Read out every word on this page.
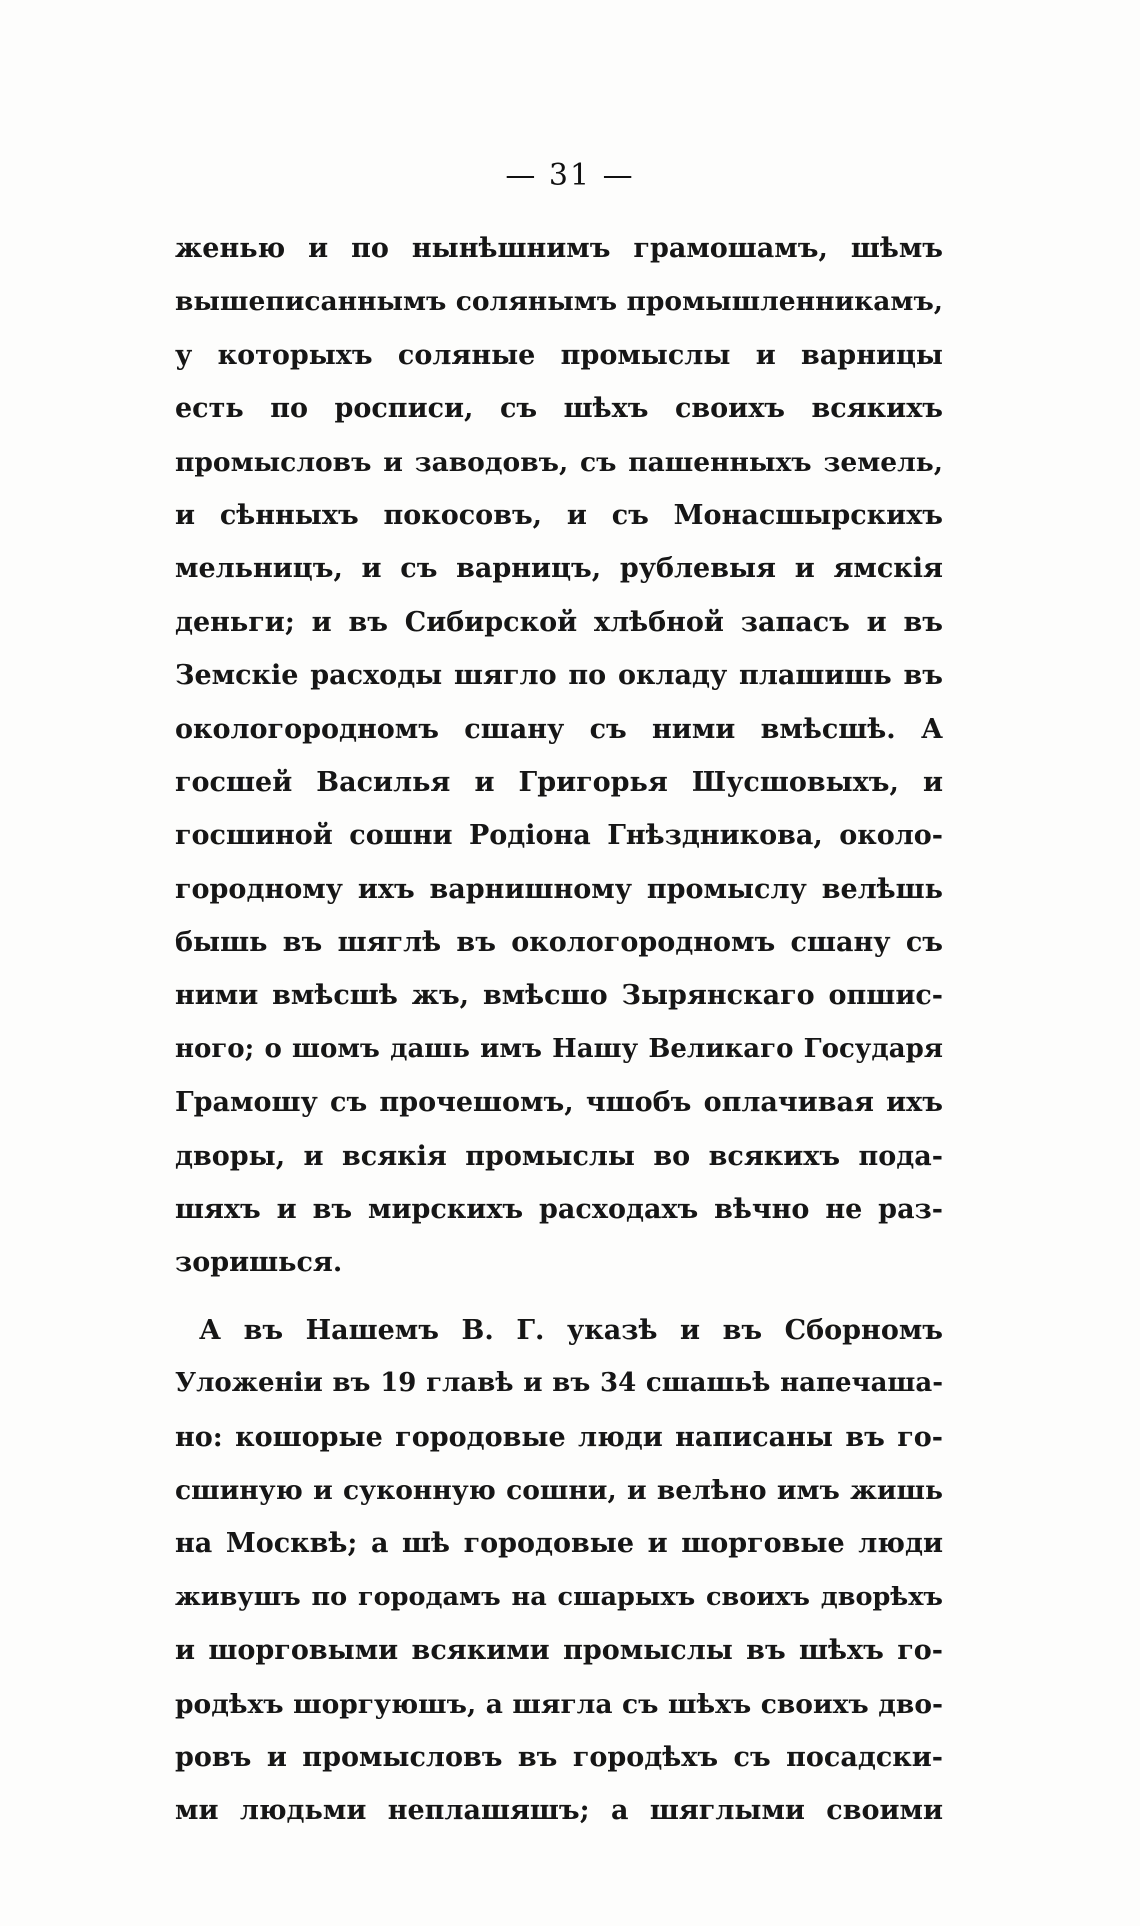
— 31 —
женью и по нынѣшнимъ грамошамъ, шѣмъ
вышеписаннымъ солянымъ промышленникамъ,
у которыхъ соляные промыслы и варницы
есть по росписи, съ шѣхъ своихъ всякихъ
промысловъ и заводовъ, съ пашенныхъ земель,
и сѣнныхъ покосовъ, и съ Монасшырскихъ
мельницъ, и съ варницъ, рублевыя и ямскія
деньги; и въ Сибирской хлѣбной запасъ и въ
Земскіе расходы шягло по окладу плашишь въ
окологородномъ сшану съ ними вмѣсшѣ. А
госшей Василья и Григорья Шусшовыхъ, и
госшиной сошни Родіона Гнѣздникова, около-
городному ихъ варнишному промыслу велѣшь
бышь въ шяглѣ въ окологородномъ сшану съ
ними вмѣсшѣ жъ, вмѣсшо Зырянскаго опшис-
ного; о шомъ дашь имъ Нашу Великаго Государя
Грамошу съ прочешомъ, чшобъ оплачивая ихъ
дворы, и всякія промыслы во всякихъ пода-
шяхъ и въ мирскихъ расходахъ вѣчно не раз-
зоришься.
А въ Нашемъ В. Г. указѣ и въ Сборномъ
Уложеніи въ 19 главѣ и въ 34 сшашьѣ напечаша-
но: кошорые городовые люди написаны въ го-
сшиную и суконную сошни, и велѣно имъ жишь
на Москвѣ; а шѣ городовые и шорговые люди
живушъ по городамъ на сшарыхъ своихъ дворѣхъ
и шорговыми всякими промыслы въ шѣхъ го-
родѣхъ шоргуюшъ, а шягла съ шѣхъ своихъ дво-
ровъ и промысловъ въ городѣхъ съ посадски-
ми людьми неплашяшъ; а шяглыми своими
